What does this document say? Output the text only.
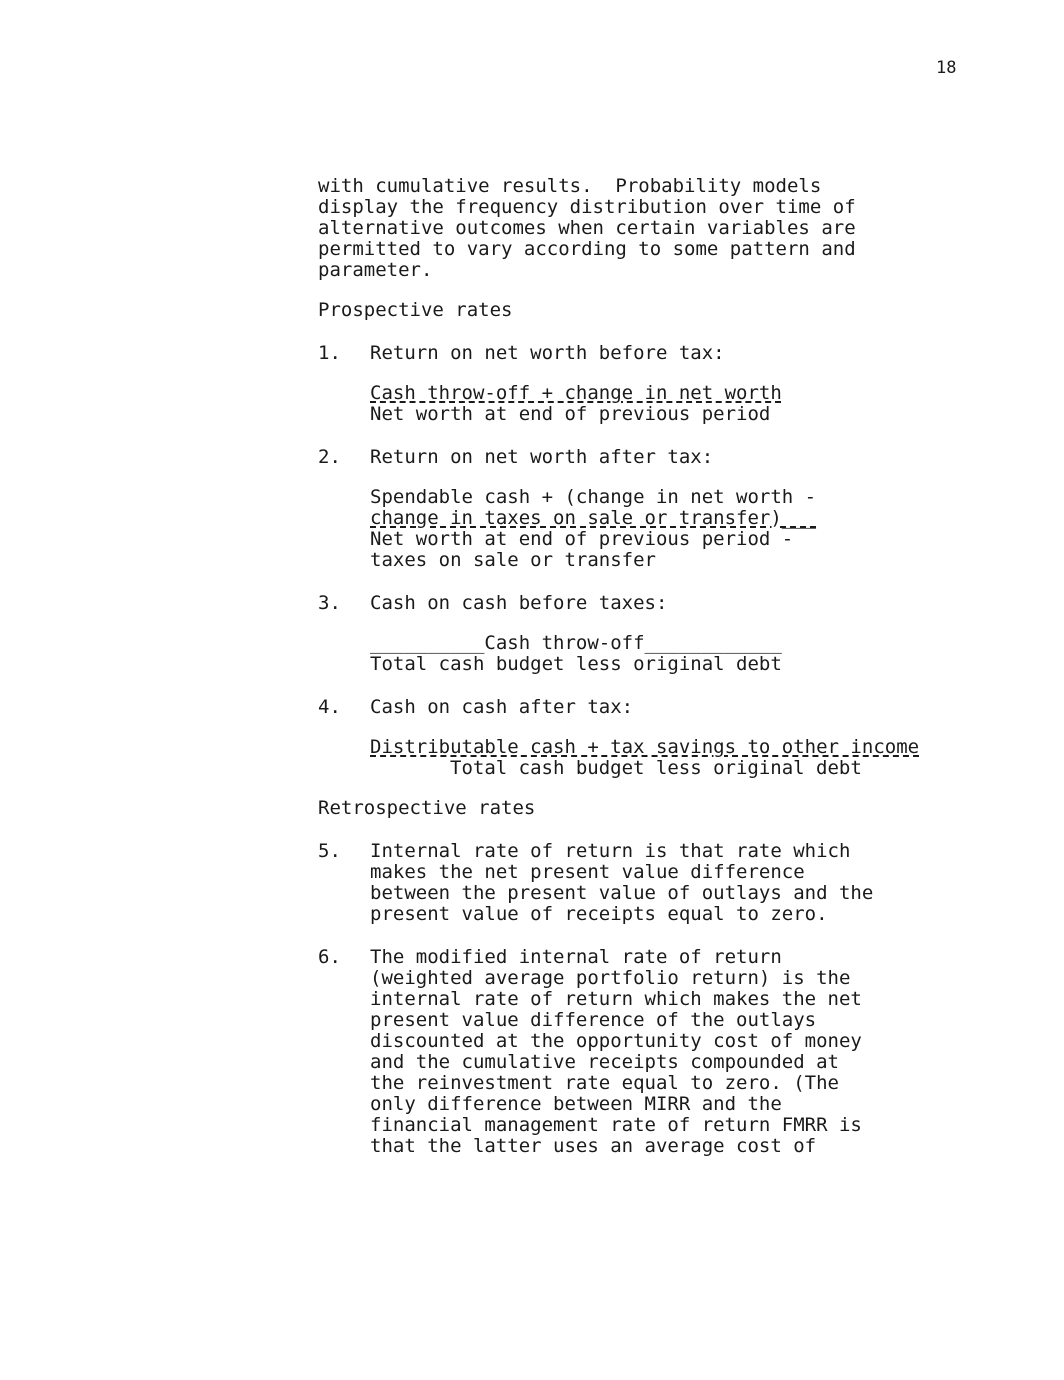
18
with cumulative results.  Probability models
display the frequency distribution over time of
alternative outcomes when certain variables are
permitted to vary according to some pattern and
parameter.
Prospective rates
1. Return on net worth before tax:
Cash throw-off + change in net worth
Net worth at end of previous period
2. Return on net worth after tax:
Spendable cash + (change in net worth -
change in taxes on sale or transfer)___
Net worth at end of previous period -
taxes on sale or transfer
3. Cash on cash before taxes:
__________Cash throw-off____________
Total cash budget less original debt
4. Cash on cash after tax:
Distributable cash + tax savings to other income
Total cash budget less original debt
Retrospective rates
5. Internal rate of return is that rate which
makes the net present value difference
between the present value of outlays and the
present value of receipts equal to zero.
6. The modified internal rate of return
(weighted average portfolio return) is the
internal rate of return which makes the net
present value difference of the outlays
discounted at the opportunity cost of money
and the cumulative receipts compounded at
the reinvestment rate equal to zero. (The
only difference between MIRR and the
financial management rate of return FMRR is
that the latter uses an average cost of
